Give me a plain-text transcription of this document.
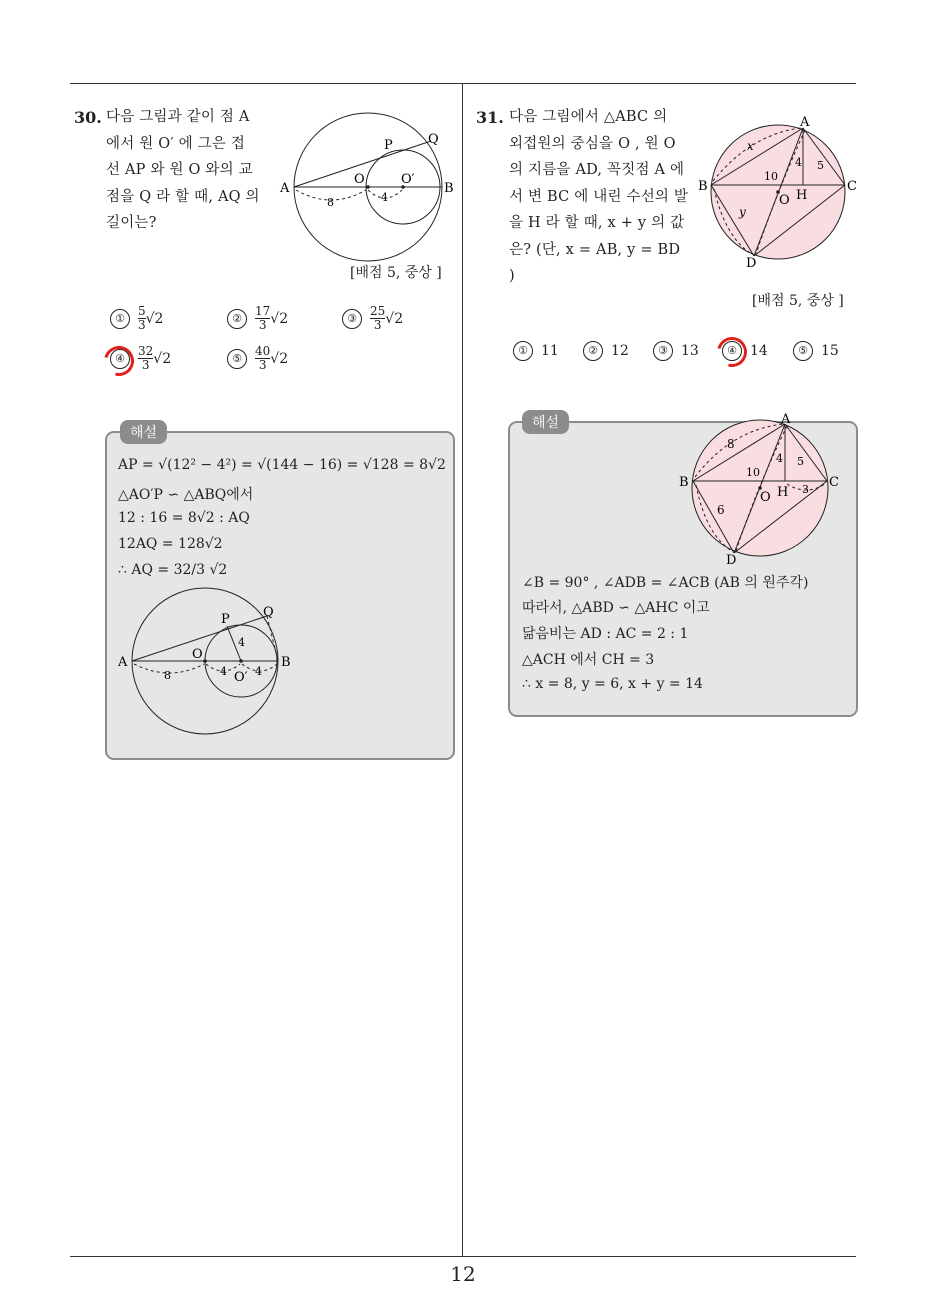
12
30. 다음 그림과 같이 점 A
에서 원 O′ 에 그은 접
선 AP 와 원 O 와의 교
점을 Q 라 할 때, AQ 의
길이는?
A	B
P	Q
O	O′
8	4
[배점 5, 중상 ]
①	$\frac{5}{3} √2$	②	$\frac{17}{3} √2$	③	$\frac{25}{3} √2$
④	$\frac{32}{3} √2$	⑤	$\frac{40}{3} √2$
해설
AP = √(12² − 4²) = √(144 − 16) = √128 = 8√2
△AO′P ∽ △ABQ에서
12 : 16 = 8√2 : AQ
12AQ = 128√2
∴ AQ = 32/3 √2
A	B
P	Q
O
O′
8	4	4
4
31. 다음 그림에서 △ABC 의
외접원의 중심을 O , 원 O
의 지름을 AD, 꼭짓점 A 에
서 변 BC 에 내린 수선의 발
을 H 라 할 때, x + y 의 값
은? (단, x = AB, y = BD
)
A
B	C
D
O H
x
y
4 5
10
[배점 5, 중상 ]
① 11	② 12	③ 13	④ 14	⑤ 15
해설	A
B	C
D
O H
8
6
4 5
3
10
∠B = 90° , ∠ADB = ∠ACB (AB 의 원주각)
따라서, △ABD ∽ △AHC 이고
닮음비는 AD : AC = 2 : 1
△ACH 에서 CH = 3
∴ x = 8, y = 6, x + y = 14
